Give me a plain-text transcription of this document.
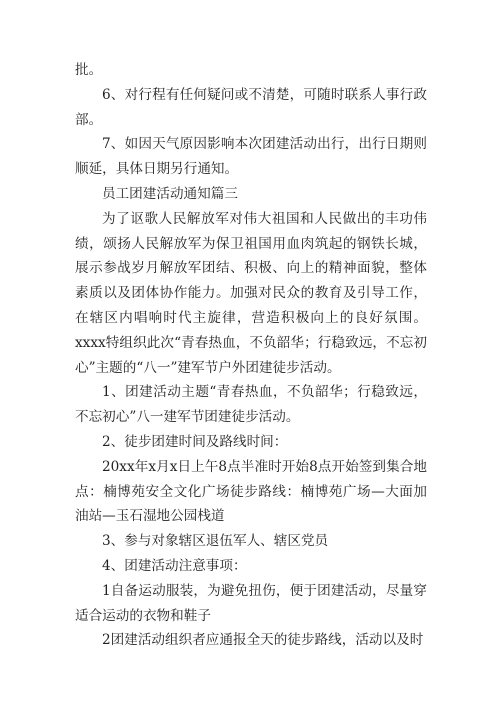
批。

6、对行程有任何疑问或不清楚，可随时联系人事行政部。

7、如因天气原因影响本次团建活动出行，出行日期则顺延，具体日期另行通知。

员工团建活动通知篇三

为了讴歌人民解放军对伟大祖国和人民做出的丰功伟绩，颂扬人民解放军为保卫祖国用血肉筑起的钢铁长城，展示参战岁月解放军团结、积极、向上的精神面貌，整体素质以及团体协作能力。加强对民众的教育及引导工作，在辖区内唱响时代主旋律，营造积极向上的良好氛围。xxxx特组织此次“青春热血，不负韶华；行稳致远，不忘初心”主题的“八一”建军节户外团建徒步活动。

1、团建活动主题“青春热血，不负韶华；行稳致远，不忘初心”八一建军节团建徒步活动。

2、徒步团建时间及路线时间：

20xx年x月x日上午8点半准时开始8点开始签到集合地点：楠博苑安全文化广场徒步路线：楠博苑广场—大面加油站—玉石湿地公园栈道

3、参与对象辖区退伍军人、辖区党员

4、团建活动注意事项：

1自备运动服装，为避免扭伤，便于团建活动，尽量穿适合运动的衣物和鞋子

2团建活动组织者应通报全天的徒步路线，活动以及时
